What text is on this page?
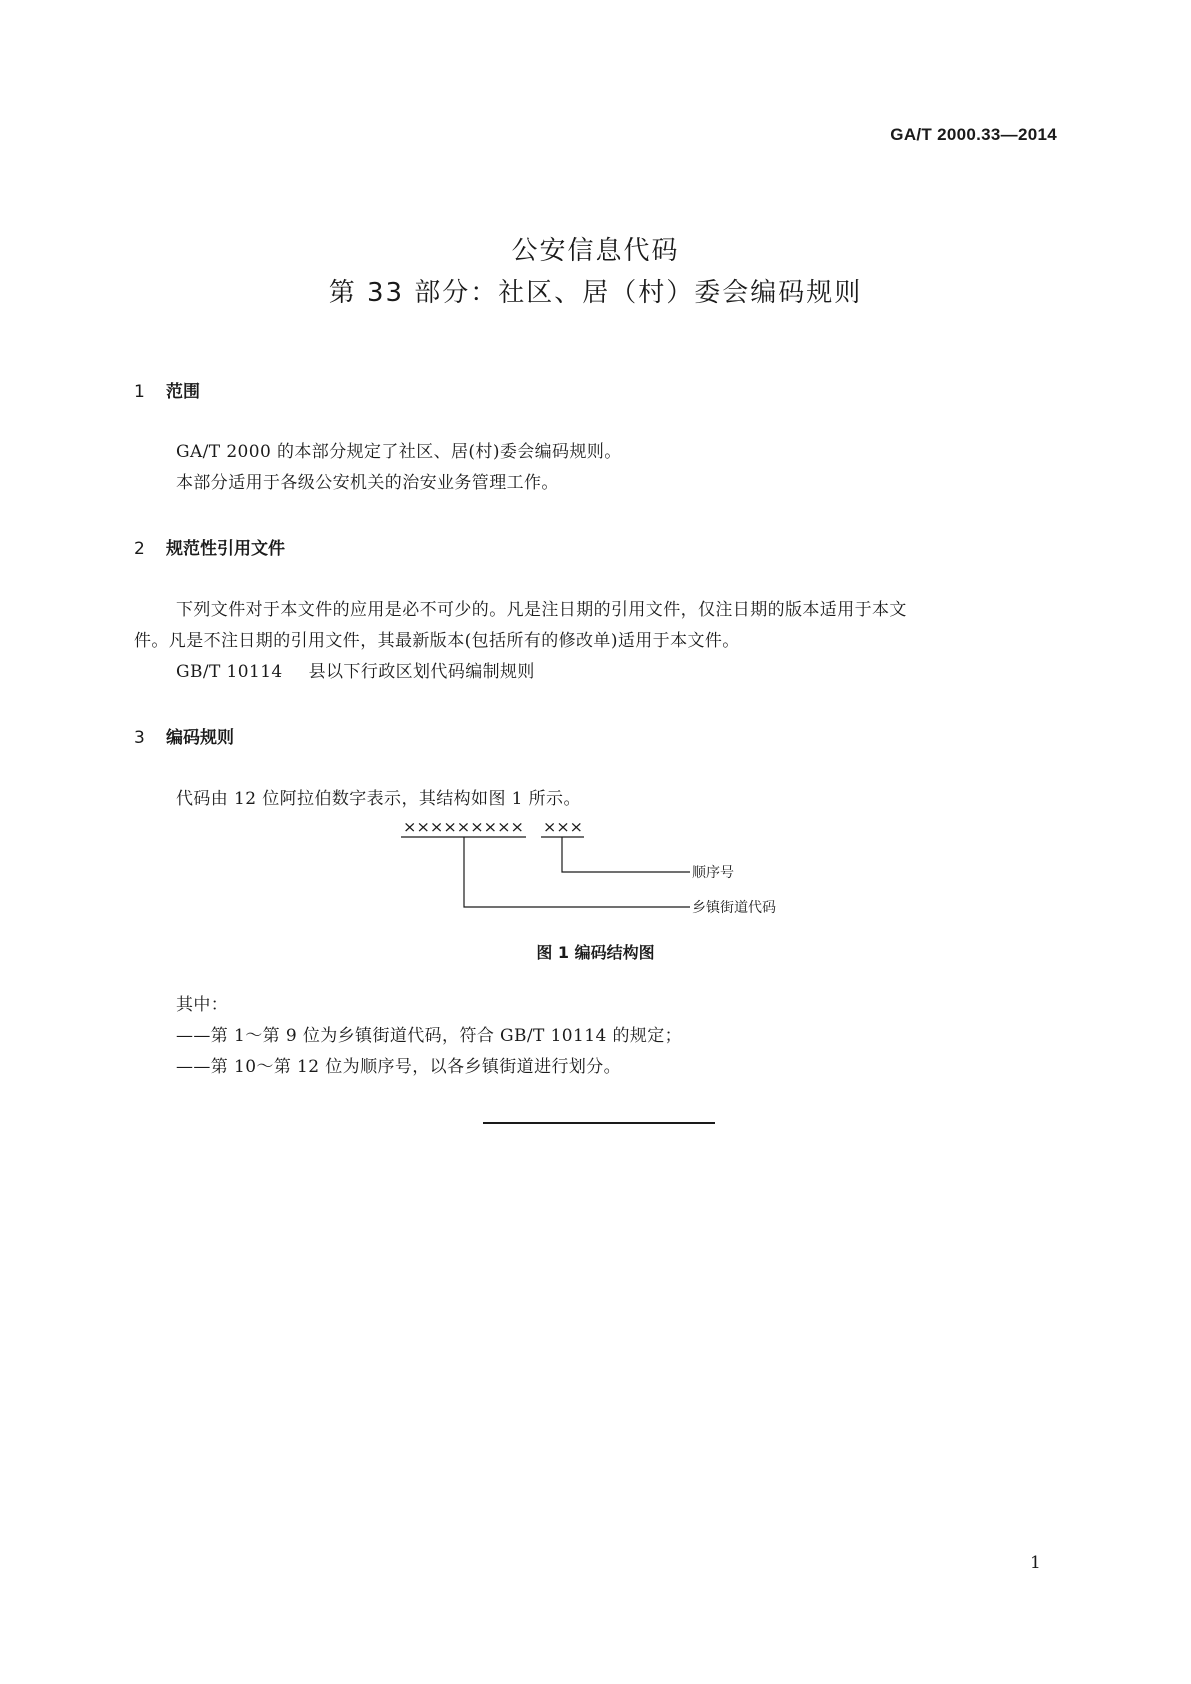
GA/T 2000.33—2014
公安信息代码
第 33 部分：社区、居（村）委会编码规则
1 范围
GA/T 2000 的本部分规定了社区、居(村)委会编码规则。
本部分适用于各级公安机关的治安业务管理工作。
2 规范性引用文件
下列文件对于本文件的应用是必不可少的。凡是注日期的引用文件，仅注日期的版本适用于本文
件。凡是不注日期的引用文件，其最新版本(包括所有的修改单)适用于本文件。
GB/T 10114 县以下行政区划代码编制规则
3 编码规则
代码由 12 位阿拉伯数字表示，其结构如图 1 所示。
××××××××× ×××
顺序号
乡镇街道代码
图 1 编码结构图
其中：
——第 1～第 9 位为乡镇街道代码，符合 GB/T 10114 的规定；
——第 10～第 12 位为顺序号，以各乡镇街道进行划分。
1
